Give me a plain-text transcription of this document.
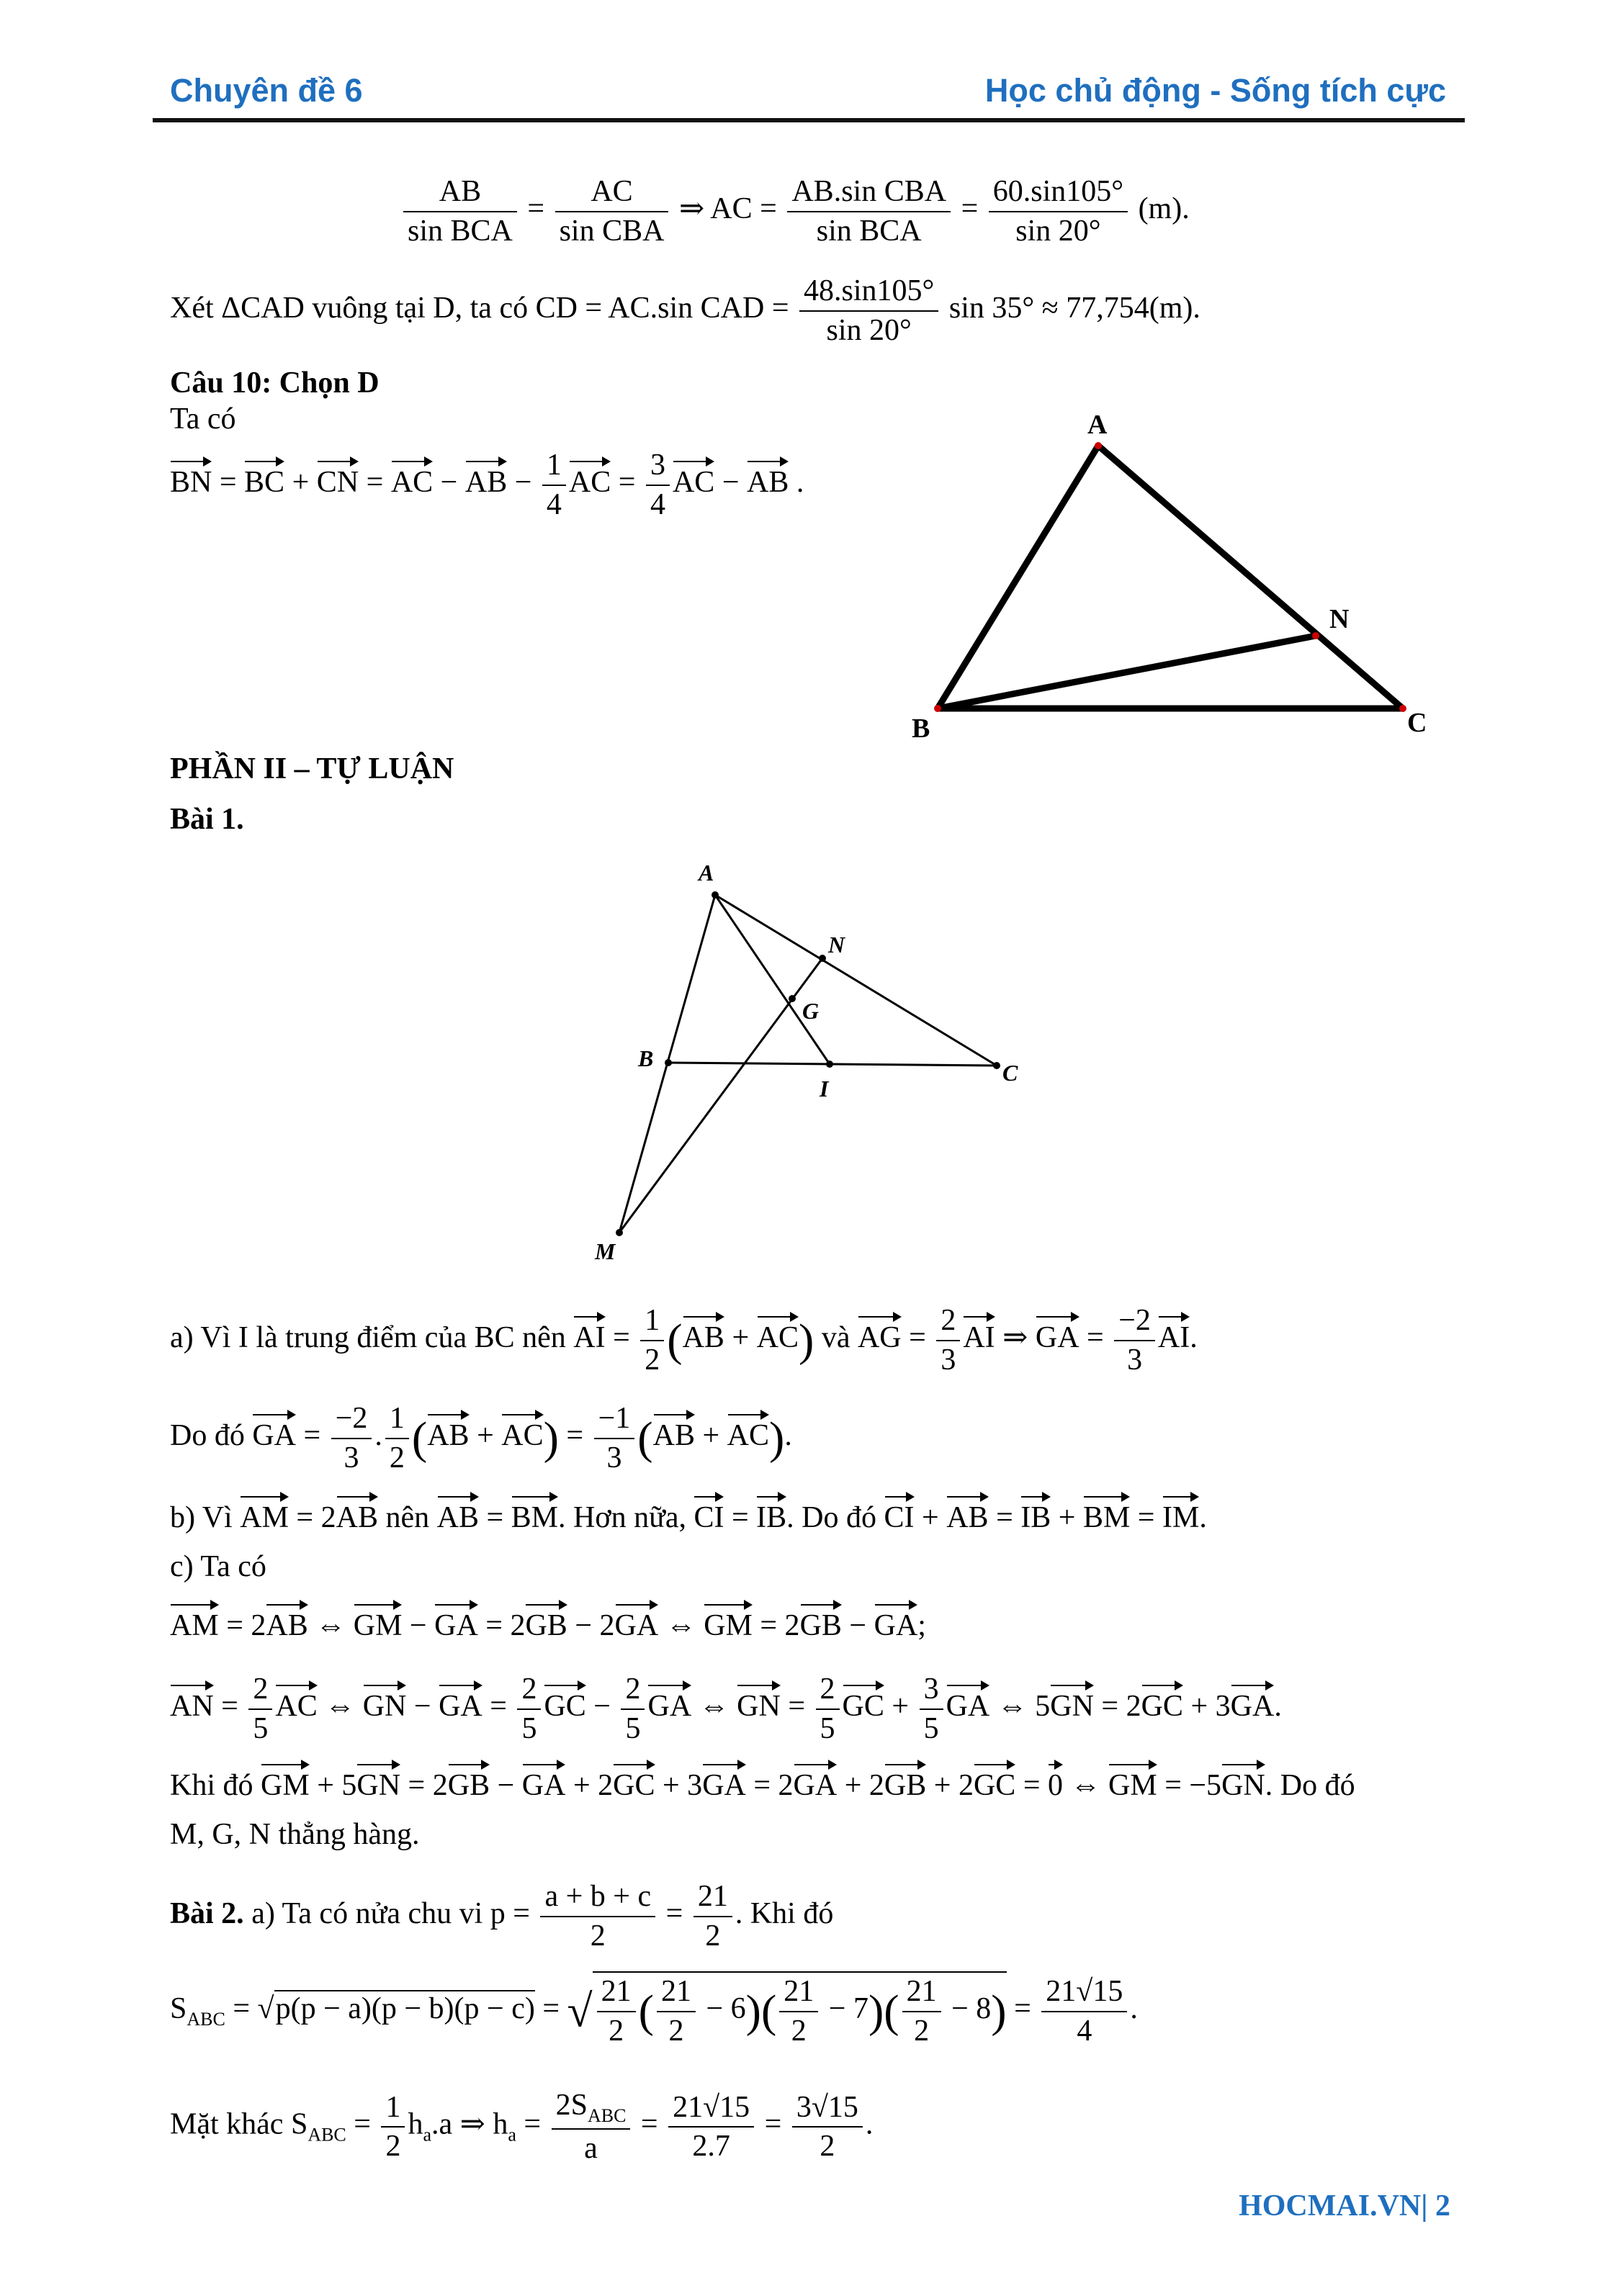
Chuyên đề 6	Học chủ động - Sống tích cực
AB
sin BCA
=
AC
sin CBA
⇒ AC =
AB.sin CBA
sin BCA
= $\frac{60.\sin 105^\circ}{\sin 20^\circ} (m)$.
Xét ΔCAD vuông tại D, ta có CD = AC.sin CAD = $\frac{48.\sin 105^\circ}{\sin 20^\circ}$ sin 35° ≈ 77,754(m).
Câu 10: Chọn D
Ta có
BN = BC + CN = AC − AB − $\frac{1}{4}$ AC = $\frac{3}{4}$ AC − AB .
A
N
B	C
PHẦN II – TỰ LUẬN
Bài 1.
A
N
G
B
I
C
M
a) Vì I là trung điểm của BC nên AI = $\frac{1}{2} (AB + AC)$ và AG = $\frac{2}{3}$ AI ⇒ GA = $\frac{-2}{3}$ AI.
Do đó GA = $\frac{-2}{3}$ . $\frac{1}{2} (AB + AC) = \frac{-1}{3} (AB + AC)$.
b) Vì AM = 2AB nên AB = BM. Hơn nữa, CI = IB. Do đó CI + AB = IB + BM = IM.
c) Ta có
AM = 2AB ⇔ GM − GA = 2GB − 2GA ⇔ GM = 2GB − GA;
AN = $\frac{2}{5}$ AC ⇔ GN − GA = $\frac{2}{5}$ GC − $\frac{2}{5}$ GA ⇔ GN = $\frac{2}{5}$ GC + $\frac{3}{5}$ GA ⇔ 5GN = 2GC + 3GA.
Khi đó GM + 5GN = 2GB − GA + 2GC + 3GA = 2GA + 2GB + 2GC = 0 ⇔ GM = −5GN. Do đó
M, G, N thẳng hàng.
Bài 2. a) Ta có nửa chu vi $p = \frac{a + b + c}{2} = \frac{21}{2}$ . Khi đó
$S_{ABC} = √p(p - a)(p - b)(p - c)$ = √ $\frac{21}{2}$ ( $\frac{21}{2} - 6)( \frac{21}{2} - 7)( \frac{21}{2} - 8) = \frac{21√15}{4}$ .
Mặt khác $S_{ABC} = \frac{1}{2} h_a.a$ ⇒ $h_a$ =
$2S_{ABC}$
a
= $\frac{21√15}{2.7} = \frac{3√15}{2}$ .
HOCMAI.VN| 2
